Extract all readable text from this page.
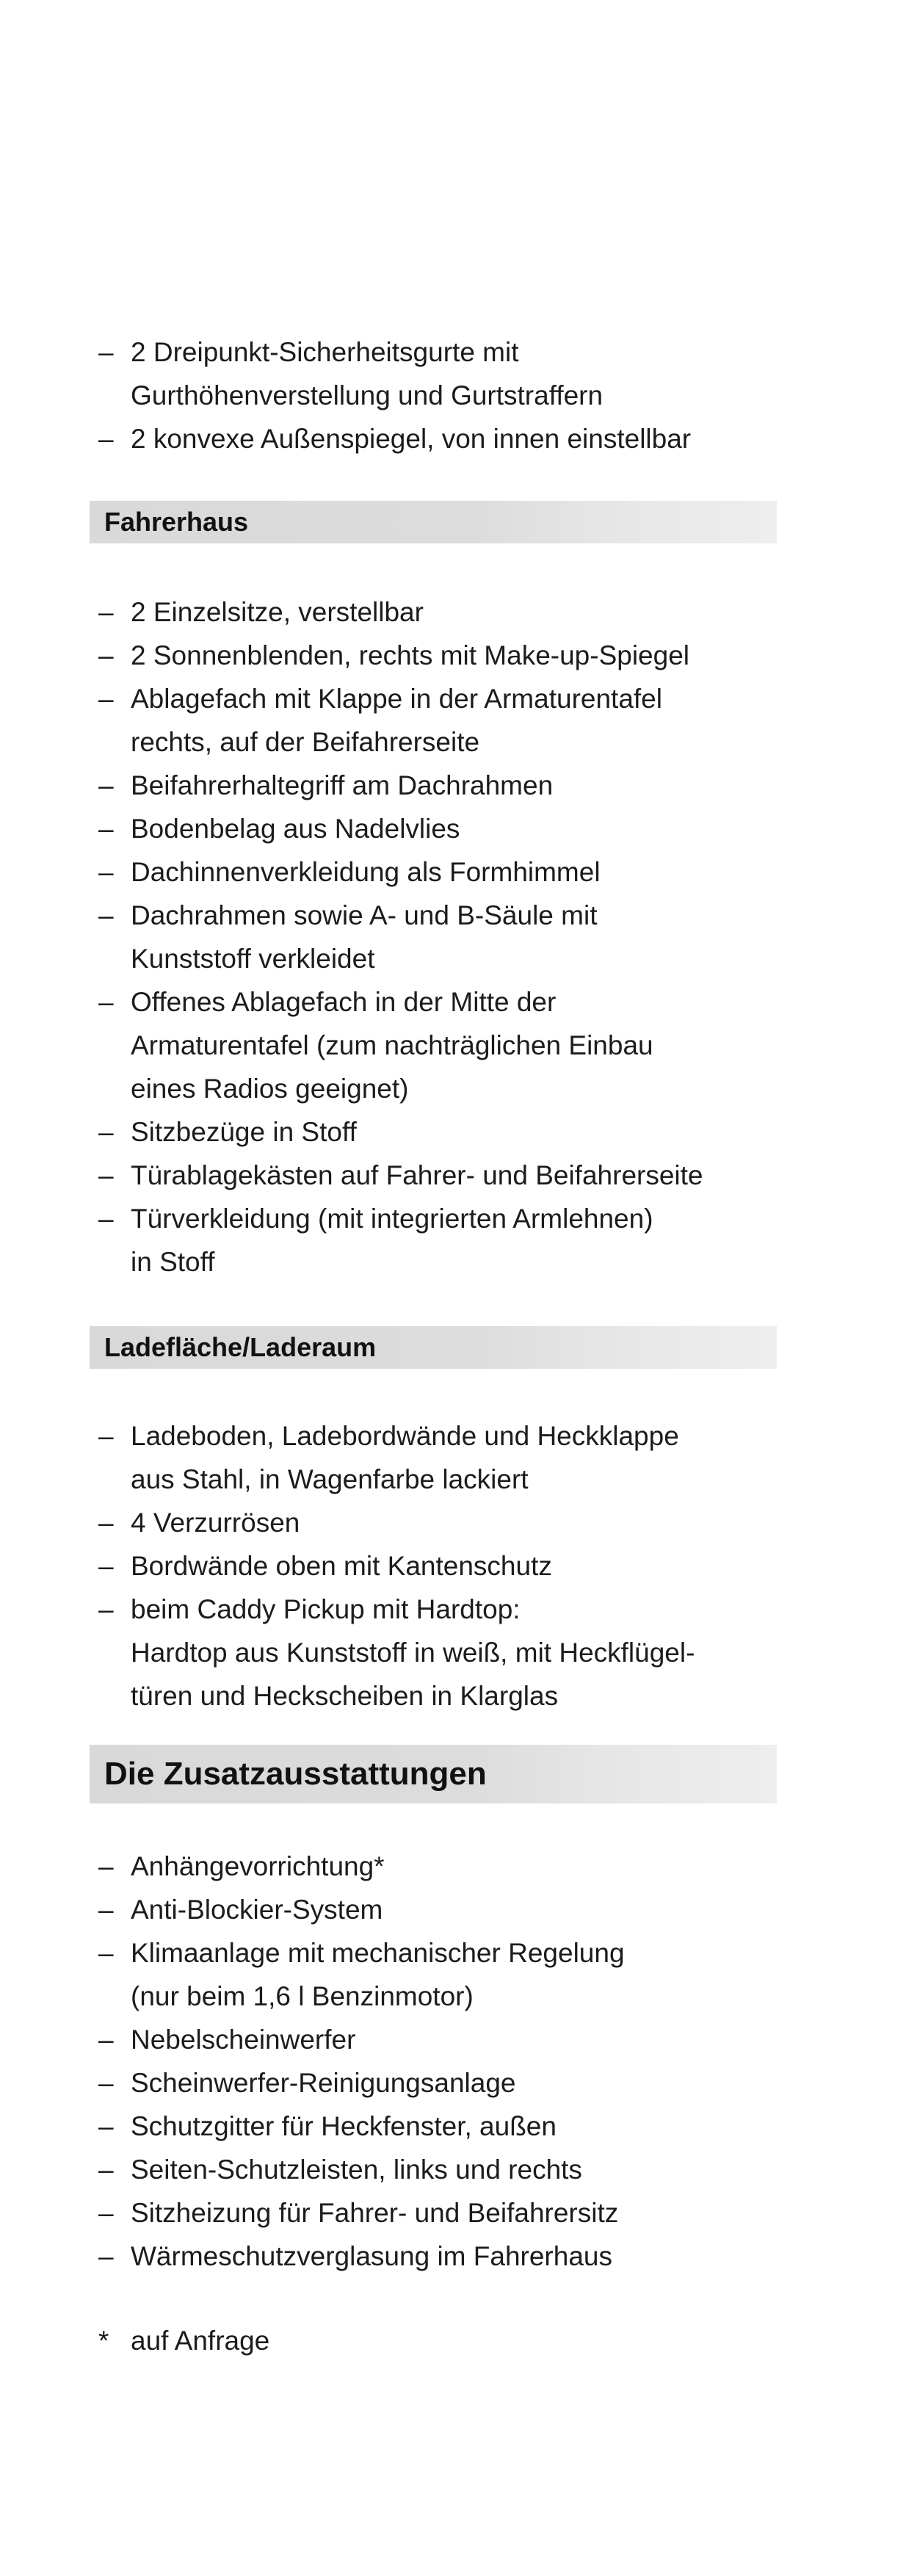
– 2 Dreipunkt-Sicherheitsgurte mit
Gurthöhenverstellung und Gurtstraffern
– 2 konvexe Außenspiegel, von innen einstellbar
Fahrerhaus
– 2 Einzelsitze, verstellbar
– 2 Sonnenblenden, rechts mit Make-up-Spiegel
– Ablagefach mit Klappe in der Armaturentafel
rechts, auf der Beifahrerseite
– Beifahrerhaltegriff am Dachrahmen
– Bodenbelag aus Nadelvlies
– Dachinnenverkleidung als Formhimmel
– Dachrahmen sowie A- und B-Säule mit
Kunststoff verkleidet
– Offenes Ablagefach in der Mitte der
Armaturentafel (zum nachträglichen Einbau
eines Radios geeignet)
– Sitzbezüge in Stoff
– Türablagekästen auf Fahrer- und Beifahrerseite
– Türverkleidung (mit integrierten Armlehnen)
in Stoff
Ladefläche/Laderaum
– Ladeboden, Ladebordwände und Heckklappe
aus Stahl, in Wagenfarbe lackiert
– 4 Verzurrösen
– Bordwände oben mit Kantenschutz
– beim Caddy Pickup mit Hardtop:
Hardtop aus Kunststoff in weiß, mit Heckflügel-
türen und Heckscheiben in Klarglas
Die Zusatzausstattungen
– Anhängevorrichtung*
– Anti-Blockier-System
– Klimaanlage mit mechanischer Regelung
(nur beim 1,6 l Benzinmotor)
– Nebelscheinwerfer
– Scheinwerfer-Reinigungsanlage
– Schutzgitter für Heckfenster, außen
– Seiten-Schutzleisten, links und rechts
– Sitzheizung für Fahrer- und Beifahrersitz
– Wärmeschutzverglasung im Fahrerhaus
* auf Anfrage
